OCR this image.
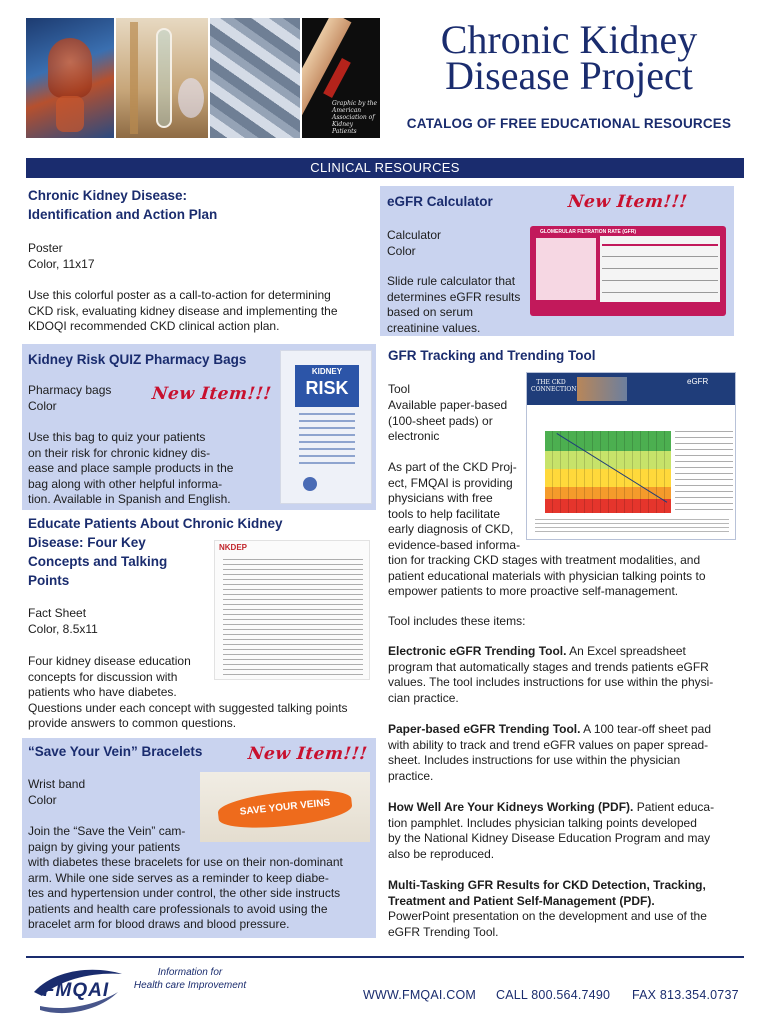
Graphic by the American Association of Kidney Patients
Chronic Kidney Disease Project
CATALOG OF FREE EDUCATIONAL RESOURCES
CLINICAL RESOURCES
Chronic Kidney Disease:
Identification and Action Plan
Poster
Color, 11x17
Use this colorful poster as a call-to-action for determining
CKD risk, evaluating kidney disease and implementing the
KDOQI recommended CKD clinical action plan.
eGFR Calculator	New Item!!!
Calculator
Color
Slide rule calculator that
determines eGFR results
based on serum
creatinine values.
GLOMERULAR FILTRATION RATE (GFR)
Kidney Risk QUIZ Pharmacy Bags
New Item!!!
Pharmacy bags
Color
Use this bag to quiz your patients
on their risk for chronic kidney dis-
ease and place sample products in the
bag along with other helpful informa-
tion. Available in Spanish and English.
KIDNEY
RISK
Educate Patients About Chronic Kidney
Disease: Four Key
Concepts and Talking
Points
Fact Sheet
Color, 8.5x11
Four kidney disease education
concepts for discussion with
patients who have diabetes.
Questions under each concept with suggested talking points
provide answers to common questions.
NKDEP
“Save Your Vein” Bracelets	New Item!!!
Wrist band
Color
Join the “Save the Vein” cam-
paign by giving your patients
with diabetes these bracelets for use on their non-dominant
arm. While one side serves as a reminder to keep diabe-
tes and hypertension under control, the other side instructs
patients and health care professionals to avoid using the
bracelet arm for blood draws and blood pressure.
SAVE YOUR VEINS
GFR Tracking and Trending Tool
Tool
Available paper-based
(100-sheet pads) or
electronic
As part of the CKD Proj-
ect, FMQAI is providing
physicians with free
tools to help facilitate
early diagnosis of CKD,
evidence-based informa-
tion for tracking CKD stages with treatment modalities, and
patient educational materials with physician talking points to
empower patients to more proactive self-management.
THE CKD CONNECTION
eGFR
Tool includes these items:
Electronic eGFR Trending Tool. An Excel spreadsheet
program that automatically stages and trends patients eGFR
values. The tool includes instructions for use within the physi-
cian practice.
Paper-based eGFR Trending Tool. A 100 tear-off sheet pad
with ability to track and trend eGFR values on paper spread-
sheet. Includes instructions for use within the physician
practice.
How Well Are Your Kidneys Working (PDF). Patient educa-
tion pamphlet. Includes physician talking points developed
by the National Kidney Disease Education Program and may
also be reproduced.
Multi-Tasking GFR Results for CKD Detection, Tracking,
Treatment and Patient Self-Management (PDF).
PowerPoint presentation on the development and use of the
eGFR Trending Tool.
FMQAI
Information for
Health care Improvement
WWW.FMQAI.COM CALL 800.564.7490 FAX 813.354.0737
